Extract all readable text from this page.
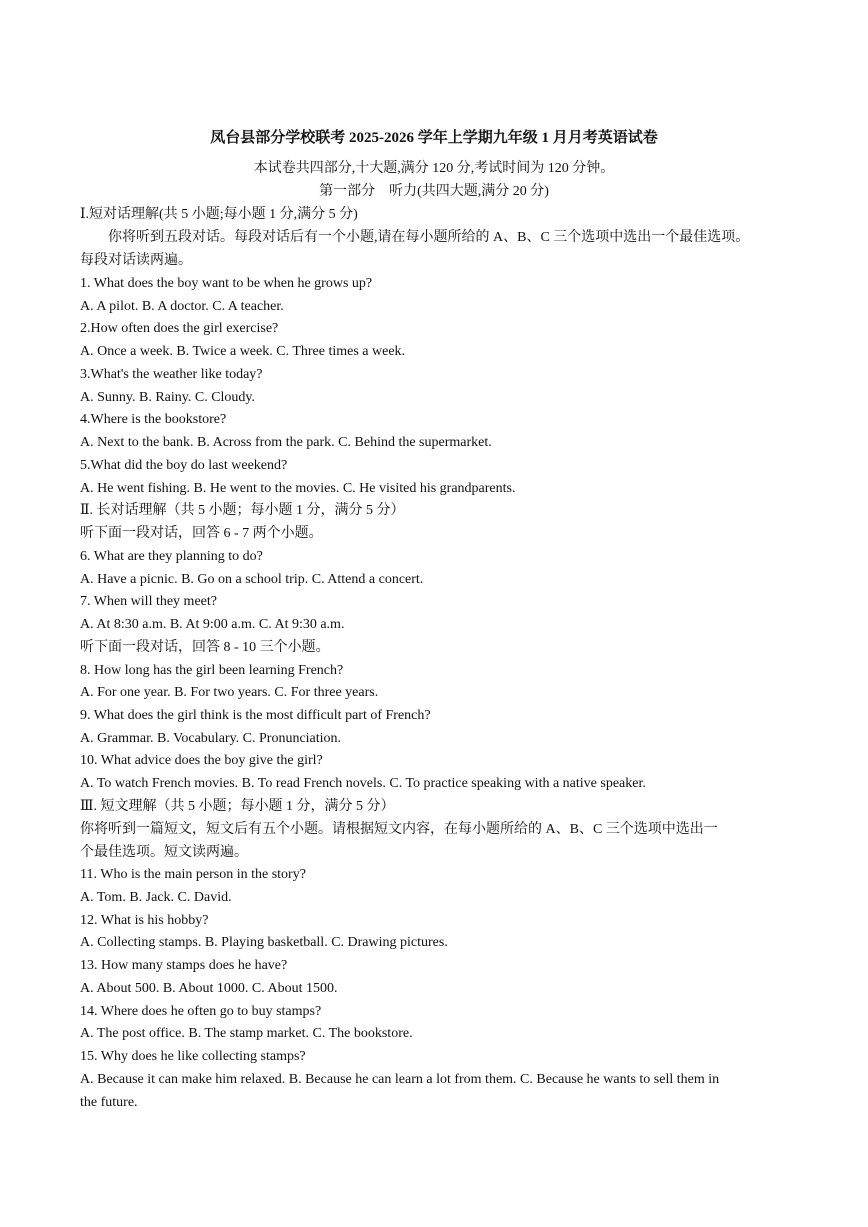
凤台县部分学校联考 2025-2026 学年上学期九年级 1 月月考英语试卷
本试卷共四部分,十大题,满分 120 分,考试时间为 120 分钟。
第一部分　听力(共四大题,满分 20 分)
Ⅰ.短对话理解(共 5 小题;每小题 1 分,满分 5 分)
你将听到五段对话。每段对话后有一个小题,请在每小题所给的 A、B、C 三个选项中选出一个最佳选项。
每段对话读两遍。
1. What does the boy want to be when he grows up?
A. A pilot. B. A doctor. C. A teacher.
2.How often does the girl exercise?
A. Once a week. B. Twice a week. C. Three times a week.
3.What's the weather like today?
A. Sunny. B. Rainy. C. Cloudy.
4.Where is the bookstore?
A. Next to the bank. B. Across from the park. C. Behind the supermarket.
5.What did the boy do last weekend?
A. He went fishing. B. He went to the movies. C. He visited his grandparents.
Ⅱ. 长对话理解（共 5 小题；每小题 1 分，满分 5 分）
听下面一段对话，回答 6 - 7 两个小题。
6. What are they planning to do?
A. Have a picnic. B. Go on a school trip. C. Attend a concert.
7. When will they meet?
A. At 8:30 a.m. B. At 9:00 a.m. C. At 9:30 a.m.
听下面一段对话，回答 8 - 10 三个小题。
8. How long has the girl been learning French?
A. For one year. B. For two years. C. For three years.
9. What does the girl think is the most difficult part of French?
A. Grammar. B. Vocabulary. C. Pronunciation.
10. What advice does the boy give the girl?
A. To watch French movies. B. To read French novels. C. To practice speaking with a native speaker.
Ⅲ. 短文理解（共 5 小题；每小题 1 分，满分 5 分）
你将听到一篇短文，短文后有五个小题。请根据短文内容，在每小题所给的 A、B、C 三个选项中选出一
个最佳选项。短文读两遍。
11. Who is the main person in the story?
A. Tom. B. Jack. C. David.
12. What is his hobby?
A. Collecting stamps. B. Playing basketball. C. Drawing pictures.
13. How many stamps does he have?
A. About 500. B. About 1000. C. About 1500.
14. Where does he often go to buy stamps?
A. The post office. B. The stamp market. C. The bookstore.
15. Why does he like collecting stamps?
A. Because it can make him relaxed. B. Because he can learn a lot from them. C. Because he wants to sell them in
the future.
